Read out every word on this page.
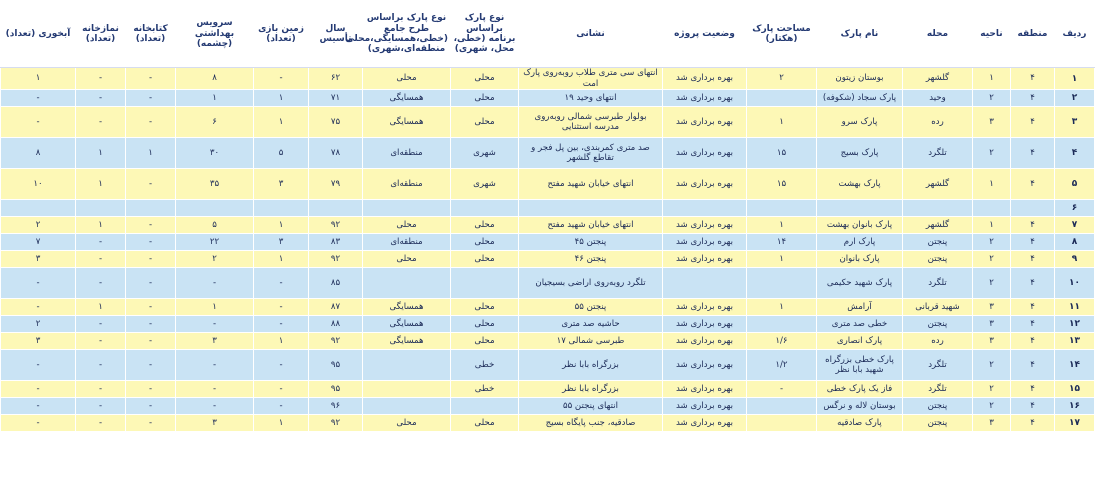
ردیف	منطقه	ناحیه	محله	نام پارک	مساحت پارک (هکتار)	وضعیت پروژه	نشانی	نوع پارک براساس برنامه (خطی، محل، شهری)	نوع پارک براساس طرح جامع (خطی،همسایگی،محلی منطقه‌ای،شهری)	سال تأسیس	زمین بازی (تعداد)	سرویس بهداشتی (چشمه)	کتابخانه (تعداد)	نمازخانه (تعداد)	آبخوری (تعداد)
۱	۴	۱	گلشهر	بوستان زیتون	۲	بهره برداری شد	انتهای سی متری طلاب روبه‌روی پارک امت	محلی	محلی	۶۲	-	۸	-	-	۱
۲	۴	۲	وحید	پارک سجاد (شکوفه)		بهره برداری شد	انتهای وحید ۱۹	محلی	همسایگی	۷۱	۱	۱	-	-	-
۳	۴	۳	رده	پارک سرو	۱	بهره برداری شد	بولوار طبرسی شمالی روبه‌روی مدرسه استثنایی	محلی	همسایگی	۷۵	۱	۶	-	-	-
۴	۴	۲	تلگرد	پارک بسیج	۱۵	بهره برداری شد	صد متری کمربندی، بین پل فجر و تقاطع گلشهر	شهری	منطقه‌ای	۷۸	۵	۳۰	۱	۱	۸
۵	۴	۱	گلشهر	پارک بهشت	۱۵	بهره برداری شد	انتهای خیابان شهید مفتح	شهری	منطقه‌ای	۷۹	۳	۳۵	-	۱	۱۰
۶															
۷	۴	۱	گلشهر	پارک بانوان بهشت	۱	بهره برداری شد	انتهای خیابان شهید مفتح	محلی	محلی	۹۲	۱	۵	-	۱	۲
۸	۴	۲	پنجتن	پارک ارم	۱۴	بهره برداری شد	پنجتن ۴۵	محلی	منطقه‌ای	۸۳	۳	۲۲	-	-	۷
۹	۴	۲	پنجتن	پارک بانوان	۱	بهره برداری شد	پنجتن ۴۶	محلی	محلی	۹۲	۱	۲	-	-	۳
۱۰	۴	۲	تلگرد	پارک شهید حکیمی			تلگرد روبه‌روی اراضی بسیجیان			۸۵	-	-	-	-	-
۱۱	۴	۳	شهید قربانی	آرامش	۱	بهره برداری شد	پنجتن ۵۵	محلی	همسایگی	۸۷	-	۱	-	۱	-
۱۲	۴	۳	پنجتن	خطی صد متری		بهره برداری شد	حاشیه صد متری	محلی	همسایگی	۸۸	-	-	-	-	۲
۱۳	۴	۳	رده	پارک انصاری	۱/۶	بهره برداری شد	طبرسی شمالی ۱۷	محلی	همسایگی	۹۲	۱	۳	-	-	۳
۱۴	۴	۲	تلگرد	پارک خطی بزرگراه شهید بابا نظر	۱/۲	بهره برداری شد	بزرگراه بابا نظر	خطی		۹۵	-	-	-	-	-
۱۵	۴	۲	تلگرد	فاز یک پارک خطی	-	بهره برداری شد	بزرگراه بابا نظر	خطی		۹۵	-	-	-	-	-
۱۶	۴	۲	پنجتن	بوستان لاله و نرگس		بهره برداری شد	انتهای پنجتن ۵۵			۹۶	-	-	-	-	-
۱۷	۴	۳	پنجتن	پارک صادقیه		بهره برداری شد	صادقیه، جنب پایگاه بسیج	محلی	محلی	۹۲	۱	۳	-	-	-
